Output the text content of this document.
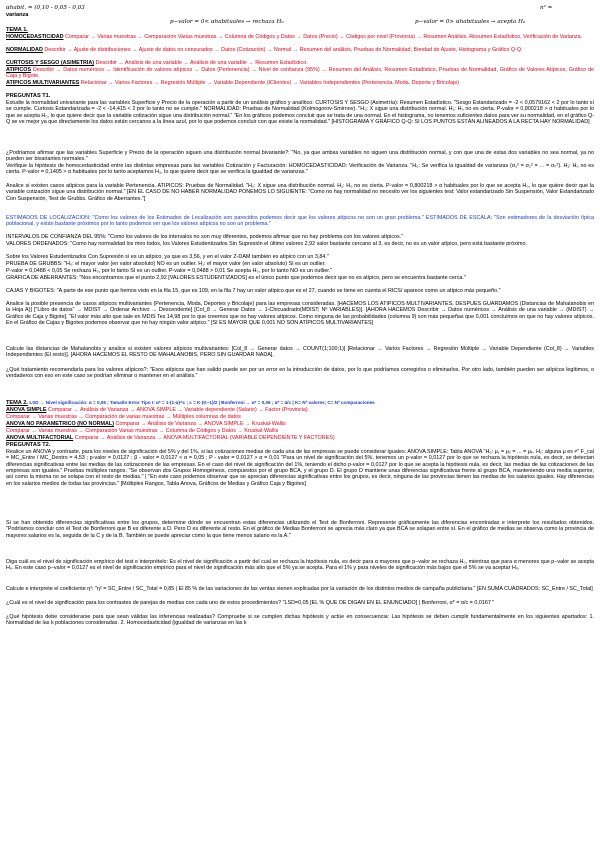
αhabit. = (0,10 - 0,05 - 0,03	n² =
varianza
p−valor = 0< αhabituales → rechaza H₀	p−valor = 0> αhabituales → acepta H₀
TEMA 1.
HOMOCEDASTICIDAD Comparar → Varias muestras → Comparación Varias muestras → Columna de Códigos y Datos → Datos (Precio) → Códigos por nivel (Provincia) → Resumen Análisis, Resumen Estadístico, Verificación de Varianza.
NORMALIDAD Describir → Ajuste de distribuciones → Ajuste de datos no censurados → Datos (Cotización) → Normal → Resumen del análisis, Pruebas de Normalidad, Bondad de Ajuste, Histograma y Gráfico Q-Q.
CURTOSIS Y SESGO (ASIMETRÍA) Describir → Análisis de una variable → Análisis de una variable → Resumen Estadístico.
ATÍPICOS Describir → Datos numéricos → Identificación de valores atípicos → Datos (Pertenencia) → Nivel de confianza (95%) → Resumen del Análisis, Resumen Estadístico, Pruebas de Normalidad, Gráfico de Valores Atípicos, Gráfico de Caja y Bigote.
ATÍPICOS MULTIVARIANTES Relacionar → Varios Factores → Regresión Múltiple → Variable Dependiente (IClientes) → Variables Independientes (Pertenencia, Moda, Deporte y Bricolaje)
PREGUNTAS T1.
Estudie la normalidad univariante para las variables Superficie y Precio de la operación a partir de un análisis gráfico y analítico: CURTOSIS Y SESGO (Asimetría): Resumen Estadístico. "Sesgo Estandarizado = -2 < 0,0579162 < 2 por lo tanto sí se cumple. Curtosis Estandarizada = -2 < -14,415 < 2 por lo tanto no se cumple." NORMALIDAD: Pruebas de Normalidad (Kolmogorov-Smirnov). "H₀: X sigue una distribución normal. H₁: H₀ no es cierta. P-valor = 0,800218 > α habituales por lo que se acepta H₀, lo que quiere decir que la variable cotización sigue una distribución normal." "En los gráficos podemos concluir que se trata de una normal. En el histograma, no tenemos suficientes datos para ver su normalidad, en el gráfico Q-Q se ve mejor ya que directamente los datos están cercanos a la línea azul, por lo que podemos concluir con que existe la normalidad." [HISTOGRAMA Y GRÁFICO Q-Q: SI LOS PUNTOS ESTÁN ALINEADOS A LA RECTA HAY NORMALIDAD]
¿Podríamos afirmar que las variables Superficie y Precio de la operación siguen una distribución normal bivariante?: "No, ya que ambas variables no siguen una distribución normal, y con que una de estas dos variables no sea normal, ya no pueden ser bivariantes normales."
Verifique la hipótesis de homocedasticidad entre las distintas empresas para las variables Cotización y Facturación: HOMOCEDASTICIDAD: Verificación de Varianza. "H₀: Se verifica la igualdad de varianzas (σ₁² = σ₂² = ... = σₖ²). H₁: H₀ no es cierta. P-valor = 0,1405 > α habituales por lo tanto aceptamos H₀, lo que quiere decir que se verifica la igualdad de varianzas."
Analice si existen casos atípicos para la variable Pertenencia. ATÍPICOS: Pruebas de Normalidad. "H₀: X sigue una distribución normal. H₁: H₀ no es cierta. P-valor = 0,800218 > α habituales por lo que se acepta H₀, lo que quiere decir que la variable cotización sigue una distribución normal." [EN EL CASO DE NO HABER NORMALIDAD PONEMOS LO SIGUIENTE: "Como no hay normalidad no necesito ver los siguientes test: Valor estandarizado Sin Suspensión, Valor Estandarizado Con Suspensión, Test de Grubbs. Gráfico de Aberrantes."]
ESTIMADOS DE LOCALIZACIÓN: "Como los valores de los Estimados de Localización son parecidos podemos decir que los valores atípicos no son un gran problema." ESTIMADOS DE ESCALA: "Son estimadores de la desviación típica poblacional, y están bastante próximos por lo tanto podemos ver que los valores atípicos no son un problema."
INTERVALOS DE CONFIANZA DEL 95%: "Como los valores de los intervalos no son muy diferentes, podemos afirmar que no hay problema con los valores atípicos."
VALORES ORDENADOS: "Como hay normalidad los miro todos, los Valores Estudentizados Sin Supresión el último valores 2,92 valor bastante cercano al 3, es decir, no es un valor atípico, pero está bastante próximo.
Sobre los Valores Estudentizados Con Supresión sí es un atípico, ya que es 3,56, y en el valor Z-DAM también es atípico con un 3,84."
PRUEBA DE GRUBBS: "H₀: el mayor valor (en valor absoluto) NO es un outlier. H₁: el mayor valor (en valor absoluto) SÍ es un outlier.
P-valor = 0,0488 < 0,05 Se rechaza H₀, por lo tanto SÍ es un outlier. P-valor = 0,0488 > 0,01 Se acepta H₀, por lo tanto NO es un outlier."
GRÁFICA DE ABERRANTES: "Nos encontramos que el punto 2,92 [VALORES ESTUDENTIZADOS] es el único punto que podemos decir que no es atípico, pero se encuentra bastante cerca."
CAJAS Y BIGOTES: "A parte de ese punto que hemos visto en la fila 15, que es 109, en la fila 7 hay un valor atípico que es el 27, cuando se tiene en cuenta el RICS/ aparece como un atípico más pequeño."
Analice la posible presencia de casos atípicos multivariantes (Pertenencia, Moda, Deportes y Bricolaje) para las empresas consideradas. [HACEMOS LOS ATÍPICOS MULTIVARIANTES, DESPUÉS GUARDAMOS (Distancias de Mahalanobis en la Hoja A)] ["Libro de datos" → MDIST → Ordenar Archivo → Descendente] [Col_8 → Generar Datos → 1-Chicuadrado(MDIST; Nº VARIABLES)]. [AHORA HACEMOS Describir → Datos numéricos → Análisis de una variable → (MDIST) → Gráfico de Caja y Bigote]. "El valor más alto que sale en MDIS Tes 14,98 por lo que creemos que no hay valores atípicos. Como ninguna de las probabilidades (columna 9) son más pequeñas que 0,001 concluimos en que no hay valores atípicos. En el Gráfico de Cajas y Bigotes podemos observar que no hay ningún valor atípico." [SI ES MAYOR QUE 0,001 NO SON ATÍPICOS MULTIVARIANTES]
Calcule las distancias de Mahalanobis y analice si existen valores atípicos multivariantes: [Col_8 → Generar datos → COUNT(1;100;1)] [Relacionar → Varios Factores → Regresión Múltiple → Variable Dependiente (Col_8) → Variables Independientes (El resto)]. [AHORA HACEMOS EL RESTO DE MAHALANOBIS, PERO SIN GUARDAR NADA].
¿Qué tratamiento recomendaría para los valores atípicos?: "Esos atípicos que han salido puede ser por un error en la introducción de datos, por lo que podríamos corregirlos o eliminarlos. Por otro lado, también pueden ser atípicos legítimos, o verdaderos con eso en este caso se podrían eliminar o mantener en el análisis."
TEMA 2. LSD → Nivel significación: α = 0,06 ; Tamaño Error Tipo I: α* = 1-(1-α)^c ; c = K·(K−1)/2 | Bonferroni → α* = 0,06 ; α* = α/c | K= Nº valores; C= Nº comparaciones
ANOVA SIMPLE Comparar → Análisis de Varianza → ANOVA SIMPLE → Variable dependiente (Salario) → Factor (Provincia)
Comparar → Varias muestras → Comparación de varias muestras → Múltiples columnas de datos
ANOVA NO PARAMÉTRICO (NO NORMAL) Comparar → Análisis de Varianza → ANOVA SIMPLE → Kruskal-Wallis
Comparar → Varias muestras → Comparación Varias muestras → Columna de Códigos y Datos → Kruskal-Wallis
ANOVA MULTIFACTORIAL Comparar → Análisis de Varianza → ANOVA MULTIFACTORIAL (VARIABLE DEPENDIENTE Y FACTORES)
PREGUNTAS T2.
Realice un ANOVA y contraste, para los niveles de significación del 5% y del 1%, si las cotizaciones medias de cada una de las empresas se puede considerar iguales: ANOVA SIMPLE: Tabla ANOVA "H₀: μ₁ = μ₂ = ... = μₖ. H₁: alguna μ es ≠" F_cal = MC_Entre / MC_Dentro = 4,53 ; p-valor = 0,0127 ; β - valor = 0,0127 < α = 0,05 ; P - valor = 0,0127 > α = 0,01 "Para un nivel de significación del 5%, tenemos un p-valor = 0,0127 por lo que se rechaza la hipótesis nula, es decir, se detectan diferencias significativas entre las medias de las cotizaciones de las empresas. En el caso del nivel de significación del 1%, teniendo el dicho p-valor = 0,0127 por lo que se acepta la hipótesis nula, es decir, las medias de las cotizaciones de las empresas son iguales." Pruebas múltiples rangos. "Se observan dos Grupos Homogéneos, compuestos por el grupo BCA, y el grupo D. El grupo D mantiene unas diferencias significativas frente al grupo BCA, manteniendo una media superior, así como la misma no se solapa con el resto de medias." | "En este caso podemos observar que se aprecian diferencias significativas entre los grupos, es decir, ninguna de las provincias tienen las medias de los salarios iguales. Hay diferencias en los salarios medios de todas las provincias." [Múltiples Rangos, Tabla Anova, Gráficos de Medias y Gráfico Caja y Bigotes]
Si se han obtenido diferencias significativas entre los grupos, determine dónde se encuentran estas diferencias utilizando el Test de Bonferroni. Represente gráficamente las diferencias encontradas e interprete los resultados obtenidos. "Podríamos concluir con el Test de Bonferroni que B es diferente a D. Pero D es diferente al resto. En el gráfico de Medias Bonferroni se aprecia más claro ya que BCA se solapan entre sí. En el gráfico de medias se observa como la provincia de mayores salarios es la, seguida de la C y de la B. También se puede apreciar como la que tiene menos salario es la A."
Diga cuál es el nivel de significación empírico del test e interprételo: Es el nivel de significación a partir del cual se rechaza la hipótesis nula, es decir para α mayores que p−valor se rechaza H₀, mientras que para α menores que p−valor se acepta H₀. En este caso p−valor = 0,0127 es el nivel de significación empírico para el nivel de significación más alto que el 5% ya se acepta. Para el 1% y para niveles de significación más bajos que el 5% se va aceptar H₀.
Calcule e interprete el coeficiente η²: "η² = SC_Entre / SC_Total = 0,85 | El 85 % de las variaciones de las ventas vienen explicadas por la variación de los distintos medios de campaña publicitaria." [EN SUMA CUADRADOS: SC_Entre / SC_Total]
¿Cuál es el nivel de significación para los contrastes de parejas de medias con cada uno de estos procedimientos? "LSD=0,05 [EL % QUE DE DIGAN EN EL ENUNCIADO] | Bonferroni, α* = α/c = 0,0167 "
¿Qué hipótesis debe considerarse para que sean válidas las inferencias realizadas? Compruebe si se cumplen dichas hipótesis y actúe en consecuencia: Las hipótesis se deben cumplir fundamentalmente en los siguientes apartados: 1. Normalidad de las k poblaciones consideradas. 2. Homocedasticidad (igualdad de varianzas en las k
